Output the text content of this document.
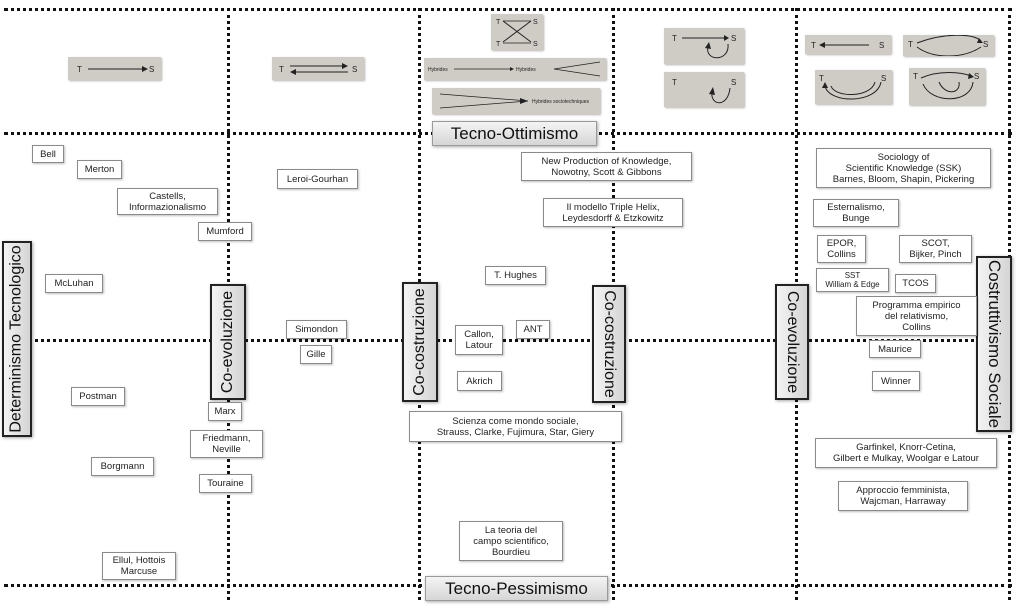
T	S	T	S
T	S
T	S
Hybrides	Hybrides
Hybrides sociotechniques
T	S
T	S
T	S	T	S
T	S	T	S
Tecno-Ottimismo
Tecno-Pessimismo
Determinismo Tecnologico	Costruttivismo Sociale
Co-evoluzione	Co-costruzione	Co-costruzione	Co-evoluzione
Bell
Merton
Castells,
Informazionalismo
Mumford
McLuhan
Postman
Borgmann
Ellul, Hottois
Marcuse
Leroi-Gourhan
Simondon
Gille
Marx
Friedmann,
Neville
Touraine
New Production of Knowledge,
Nowotny, Scott & Gibbons
Il modello Triple Helix,
Leydesdorff & Etzkowitz
T. Hughes
Callon,
Latour
ANT
Akrich
Scienza come mondo sociale,
Strauss, Clarke, Fujimura, Star, Giery
La teoria del
campo scientifico,
Bourdieu
Sociology of
Scientific Knowledge (SSK)
Barnes, Bloom, Shapin, Pickering
Esternalismo,
Bunge
EPOR,
Collins
SCOT,
Bijker, Pinch
SST
William & Edge	TCOS
Programma empirico
del relativismo,
Collins
Maurice
Winner
Garfinkel, Knorr-Cetina,
Gilbert e Mulkay, Woolgar e Latour
Approccio femminista,
Wajcman, Harraway
